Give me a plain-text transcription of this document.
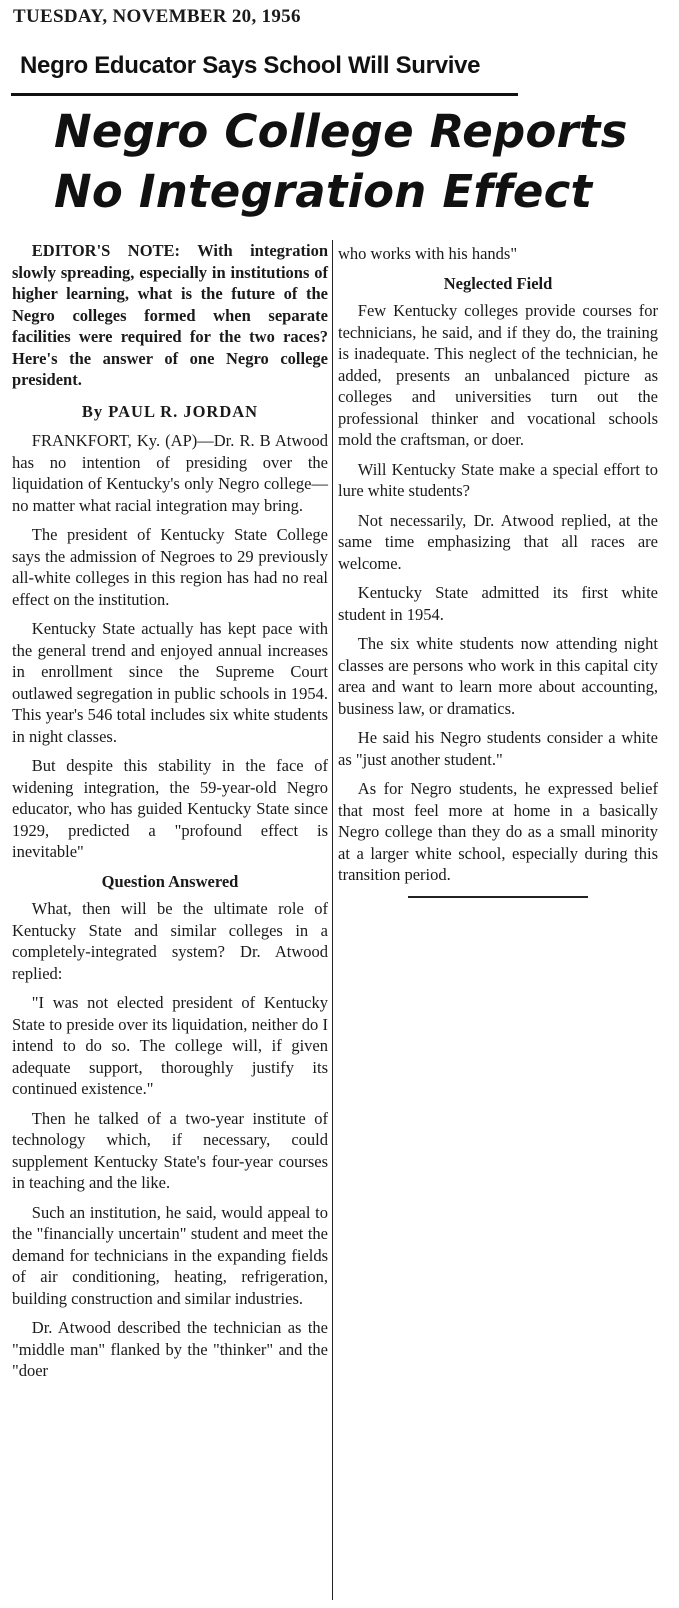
TUESDAY, NOVEMBER 20, 1956
Negro Educator Says School Will Survive
Negro College Reports No Integration Effect

EDITOR'S NOTE: With integration slowly spreading, especially in institutions of higher learning, what is the future of the Negro colleges formed when separate facilities were required for the two races? Here's the answer of one Negro college president.

By PAUL R. JORDAN

FRANKFORT, Ky. (AP)—Dr. R. B Atwood has no intention of presiding over the liquidation of Kentucky's only Negro college—no matter what racial integration may bring.

The president of Kentucky State College says the admission of Negroes to 29 previously all-white colleges in this region has had no real effect on the institution.

Kentucky State actually has kept pace with the general trend and enjoyed annual increases in enrollment since the Supreme Court outlawed segregation in public schools in 1954. This year's 546 total includes six white students in night classes.

But despite this stability in the face of widening integration, the 59-year-old Negro educator, who has guided Kentucky State since 1929, predicted a "profound effect is inevitable"

Question Answered

What, then will be the ultimate role of Kentucky State and similar colleges in a completely-integrated system? Dr. Atwood replied:

"I was not elected president of Kentucky State to preside over its liquidation, neither do I intend to do so. The college will, if given adequate support, thoroughly justify its continued existence."

Then he talked of a two-year institute of technology which, if necessary, could supplement Kentucky State's four-year courses in teaching and the like.

Such an institution, he said, would appeal to the "financially uncertain" student and meet the demand for technicians in the expanding fields of air conditioning, heating, refrigeration, building construction and similar industries.

Dr. Atwood described the technician as the "middle man" flanked by the "thinker" and the "doer

who works with his hands"

Neglected Field

Few Kentucky colleges provide courses for technicians, he said, and if they do, the training is inadequate. This neglect of the technician, he added, presents an unbalanced picture as colleges and universities turn out the professional thinker and vocational schools mold the craftsman, or doer.

Will Kentucky State make a special effort to lure white students?

Not necessarily, Dr. Atwood replied, at the same time emphasizing that all races are welcome.

Kentucky State admitted its first white student in 1954.

The six white students now attending night classes are persons who work in this capital city area and want to learn more about accounting, business law, or dramatics.

He said his Negro students consider a white as "just another student."

As for Negro students, he expressed belief that most feel more at home in a basically Negro college than they do as a small minority at a larger white school, especially during this transition period.
